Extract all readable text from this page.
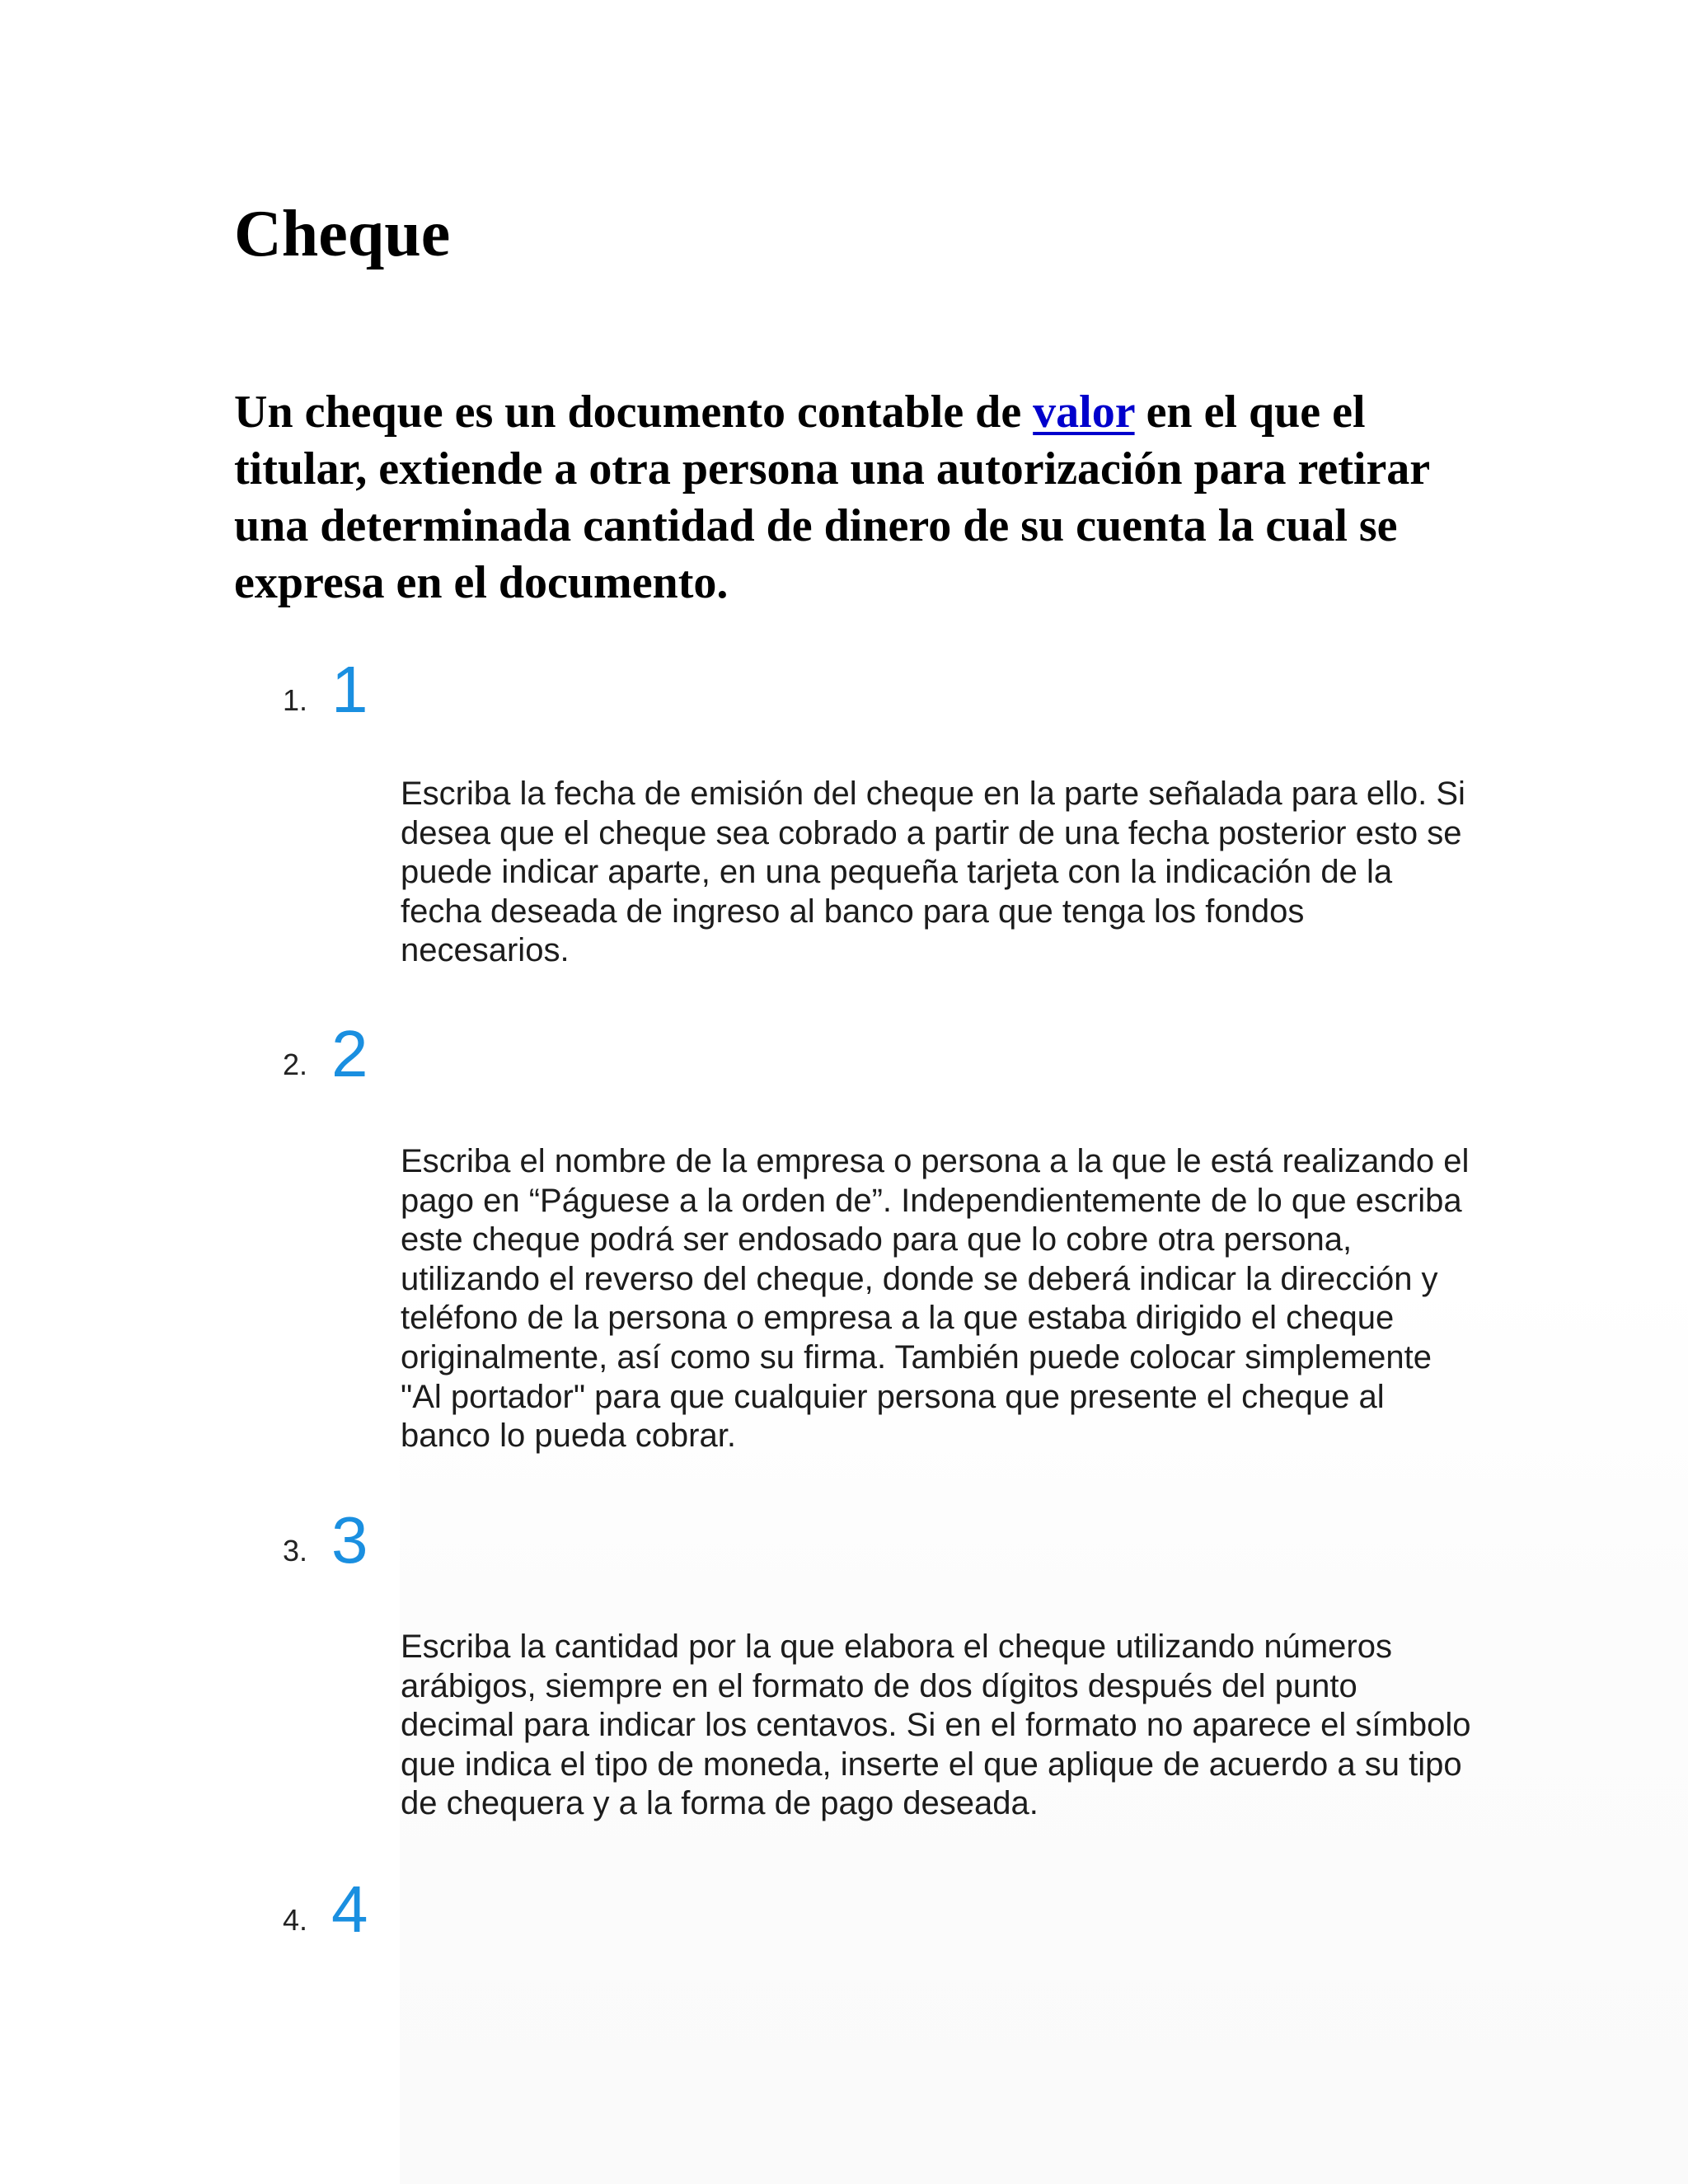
Cheque

Un cheque es un documento contable de valor en el que el titular, extiende a otra persona una autorización para retirar una determinada cantidad de dinero de su cuenta la cual se expresa en el documento.

1. 1

Escriba la fecha de emisión del cheque en la parte señalada para ello. Si desea que el cheque sea cobrado a partir de una fecha posterior esto se puede indicar aparte, en una pequeña tarjeta con la indicación de la fecha deseada de ingreso al banco para que tenga los fondos necesarios.

2. 2

Escriba el nombre de la empresa o persona a la que le está realizando el pago en “Páguese a la orden de”. Independientemente de lo que escriba este cheque podrá ser endosado para que lo cobre otra persona, utilizando el reverso del cheque, donde se deberá indicar la dirección y teléfono de la persona o empresa a la que estaba dirigido el cheque originalmente, así como su firma. También puede colocar simplemente "Al portador" para que cualquier persona que presente el cheque al banco lo pueda cobrar.

3. 3

Escriba la cantidad por la que elabora el cheque utilizando números arábigos, siempre en el formato de dos dígitos después del punto decimal para indicar los centavos. Si en el formato no aparece el símbolo que indica el tipo de moneda, inserte el que aplique de acuerdo a su tipo de chequera y a la forma de pago deseada.

4. 4
